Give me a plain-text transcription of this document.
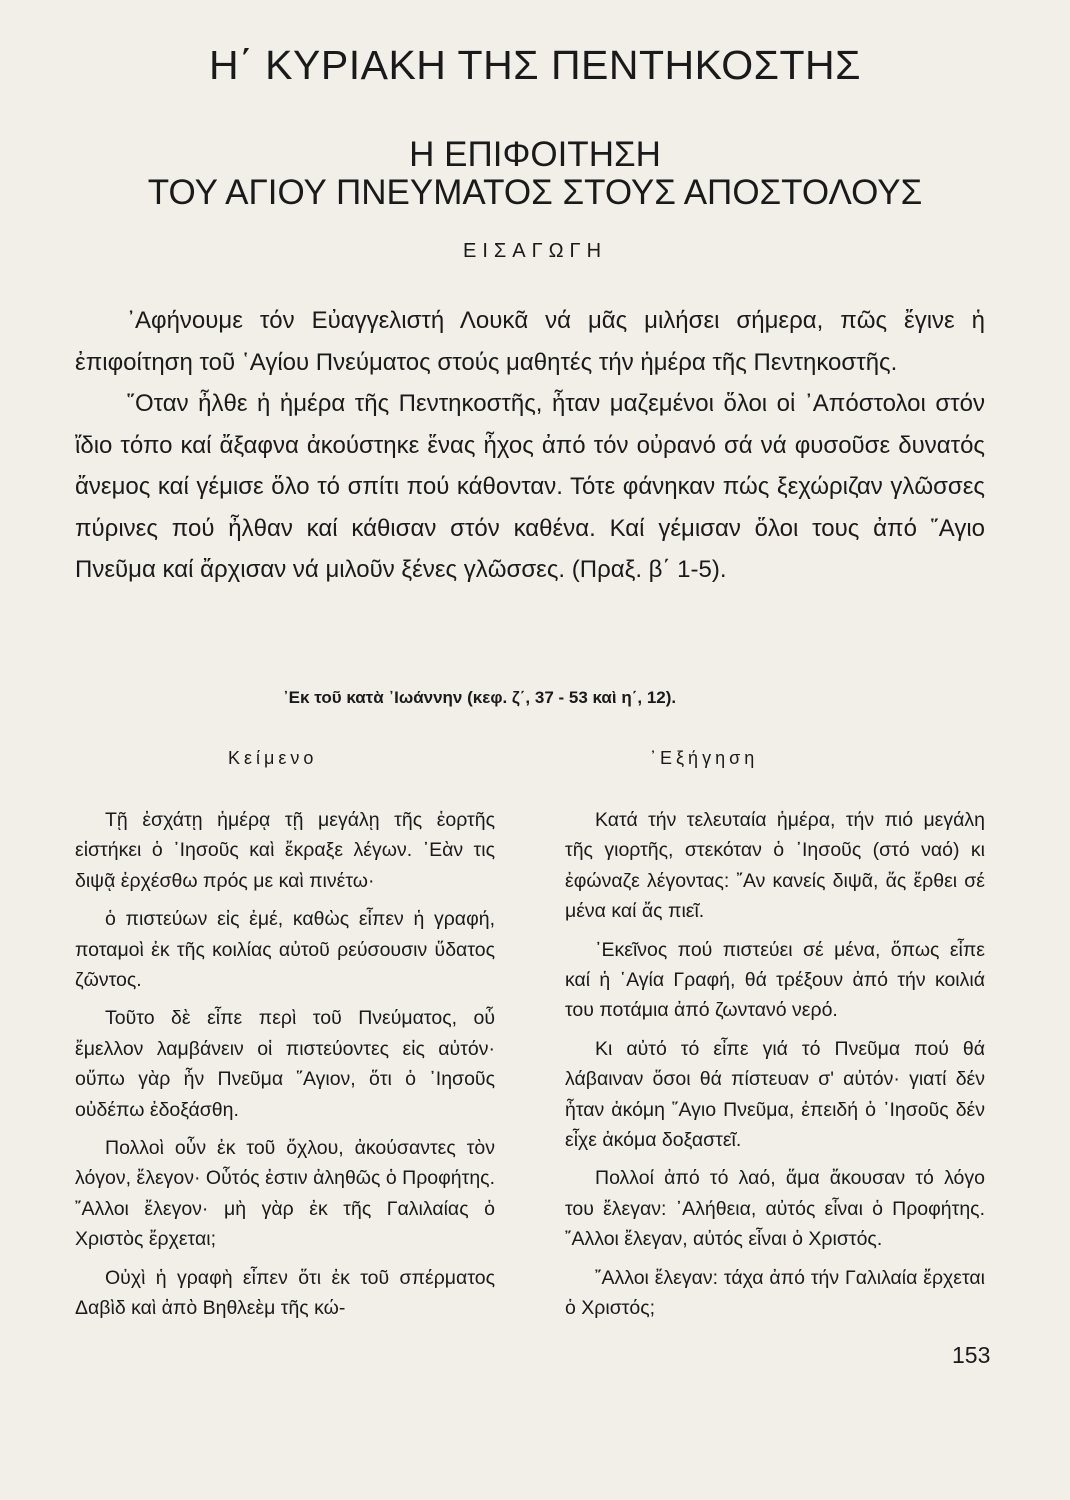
Η΄ ΚΥΡΙΑΚΗ ΤΗΣ ΠΕΝΤΗΚΟΣΤΗΣ
Η ΕΠΙΦΟΙΤΗΣΗ
ΤΟΥ ΑΓΙΟΥ ΠΝΕΥΜΑΤΟΣ ΣΤΟΥΣ ΑΠΟΣΤΟΛΟΥΣ
ΕΙΣΑΓΩΓΗ

᾿Αφήνουμε τόν Εὐαγγελιστή Λουκᾶ νά μᾶς μιλήσει σήμερα, πῶς ἔγινε ἡ ἐπιφοίτηση τοῦ ῾Αγίου Πνεύματος στούς μαθητές τήν ἡμέρα τῆς Πεντηκοστῆς.

῞Οταν ἦλθε ἡ ἡμέρα τῆς Πεντηκοστῆς, ἦταν μαζεμένοι ὅλοι οἱ ᾿Απόστολοι στόν ἴδιο τόπο καί ἄξαφνα ἀκούστηκε ἕνας ἦχος ἀπό τόν οὐρανό σά νά φυσοῦσε δυνατός ἄνεμος καί γέμισε ὅλο τό σπίτι πού κάθονταν. Τότε φάνηκαν πώς ξεχώριζαν γλῶσσες πύρινες πού ἦλθαν καί κάθισαν στόν καθένα. Καί γέμισαν ὅλοι τους ἀπό ῞Αγιο Πνεῦμα καί ἄρχισαν νά μιλοῦν ξένες γλῶσσες. (Πραξ. β΄ 1-5).

᾿Εκ τοῦ κατὰ ᾿Ιωάννην (κεφ. ζ΄, 37 - 53 καὶ η΄, 12).
Κείμενο	᾿Εξήγηση

Τῇ ἐσχάτῃ ἡμέρᾳ τῇ μεγάλῃ τῆς ἑορτῆς εἱστήκει ὁ ᾿Ιησοῦς καὶ ἔκραξε λέγων. ᾿Εὰν τις διψᾷ ἐρχέσθω πρός με καὶ πινέτω·

ὁ πιστεύων εἰς ἐμέ, καθὼς εἶπεν ἡ γραφή, ποταμοὶ ἐκ τῆς κοιλίας αὐτοῦ ρεύσουσιν ὕδατος ζῶντος.

Τοῦτο δὲ εἶπε περὶ τοῦ Πνεύματος, οὗ ἔμελλον λαμβάνειν οἱ πιστεύοντες εἰς αὐτόν· οὔπω γὰρ ἦν Πνεῦμα ῞Αγιον, ὅτι ὁ ᾿Ιησοῦς οὐδέπω ἐδοξάσθη.

Πολλοὶ οὖν ἐκ τοῦ ὄχλου, ἀκούσαντες τὸν λόγον, ἔλεγον· Οὗτός ἐστιν ἀληθῶς ὁ Προφήτης. ῎Αλλοι ἔλεγον· μὴ γὰρ ἐκ τῆς Γαλιλαίας ὁ Χριστὸς ἔρχεται;

Οὐχὶ ἡ γραφὴ εἶπεν ὅτι ἐκ τοῦ σπέρματος Δαβὶδ καὶ ἀπὸ Βηθλεὲμ τῆς κώ-

Κατά τήν τελευταία ἡμέρα, τήν πιό μεγάλη τῆς γιορτῆς, στεκόταν ὁ ᾿Ιησοῦς (στό ναό) κι ἐφώναζε λέγοντας: ῎Αν κανείς διψᾶ, ἄς ἔρθει σέ μένα καί ἄς πιεῖ.

᾿Εκεῖνος πού πιστεύει σέ μένα, ὅπως εἶπε καί ἡ ῾Αγία Γραφή, θά τρέξουν ἀπό τήν κοιλιά του ποτάμια ἀπό ζωντανό νερό.

Κι αὐτό τό εἶπε γιά τό Πνεῦμα πού θά λάβαιναν ὅσοι θά πίστευαν σ' αὐτόν· γιατί δέν ἦταν ἀκόμη ῞Αγιο Πνεῦμα, ἐπειδή ὁ ᾿Ιησοῦς δέν εἶχε ἀκόμα δοξαστεῖ.

Πολλοί ἀπό τό λαό, ἅμα ἄκουσαν τό λόγο του ἔλεγαν: ᾿Αλήθεια, αὐτός εἶναι ὁ Προφήτης. ῎Αλλοι ἔλεγαν, αὐτός εἶναι ὁ Χριστός.

῎Αλλοι ἔλεγαν: τάχα ἀπό τήν Γαλιλαία ἔρχεται ὁ Χριστός;

153
